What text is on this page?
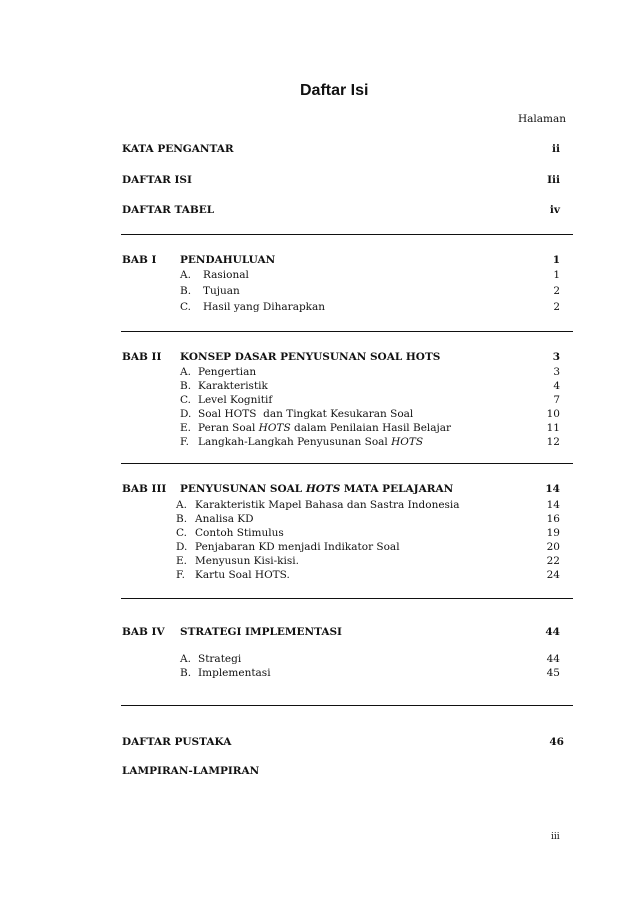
Daftar Isi
Halaman
KATA PENGANTAR	ii
DAFTAR ISI	Iii
DAFTAR TABEL	iv
BAB I PENDAHULUAN	1
A. Rasional	1
B. Tujuan	2
C. Hasil yang Diharapkan	2
BAB II KONSEP DASAR PENYUSUNAN SOAL HOTS	3
A. Pengertian	3
B. Karakteristik	4
C. Level Kognitif	7
D. Soal HOTS  dan Tingkat Kesukaran Soal	10
E. Peran Soal HOTS dalam Penilaian Hasil Belajar	11
F. Langkah-Langkah Penyusunan Soal HOTS	12
BAB III PENYUSUNAN SOAL HOTS MATA PELAJARAN	14
A. Karakteristik Mapel Bahasa dan Sastra Indonesia	14
B. Analisa KD	16
C. Contoh Stimulus	19
D. Penjabaran KD menjadi Indikator Soal	20
E. Menyusun Kisi-kisi.	22
F. Kartu Soal HOTS.	24
BAB IV STRATEGI IMPLEMENTASI	44
A. Strategi	44
B. Implementasi	45
DAFTAR PUSTAKA	46
LAMPIRAN-LAMPIRAN
iii
